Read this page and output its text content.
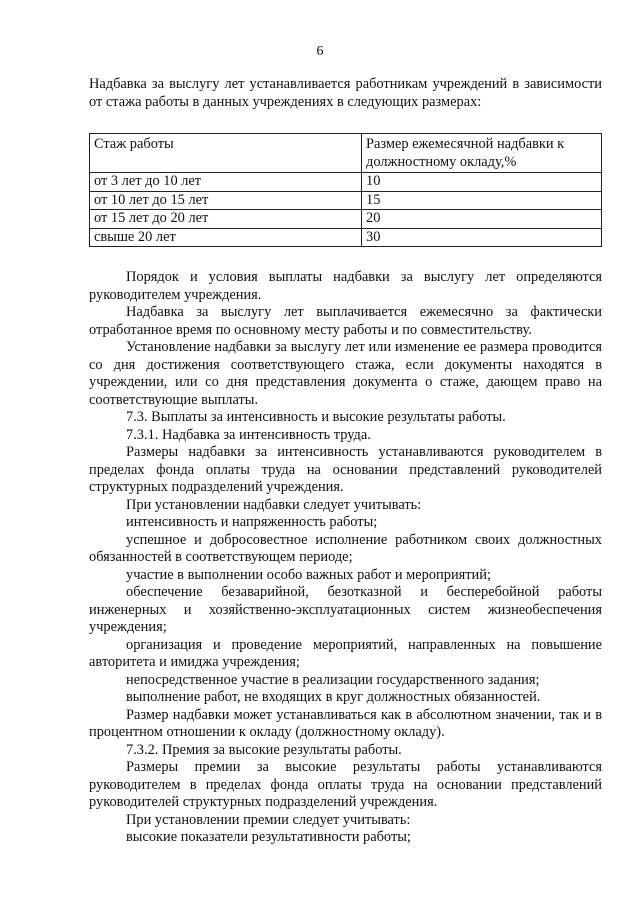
6

Надбавка за выслугу лет устанавливается работникам учреждений в зависимости от стажа работы в данных учреждениях в следующих размерах:

Стаж работы	Размер ежемесячной надбавки к должностному окладу,%
от 3 лет до 10 лет	10
от 10 лет до 15 лет	15
от 15 лет до 20 лет	20
свыше 20 лет	30

Порядок и условия выплаты надбавки за выслугу лет определяются руководителем учреждения.

Надбавка за выслугу лет выплачивается ежемесячно за фактически отработанное время по основному месту работы и по совместительству.

Установление надбавки за выслугу лет или изменение ее размера проводится со дня достижения соответствующего стажа, если документы находятся в учреждении, или со дня представления документа о стаже, дающем право на соответствующие выплаты.

7.3. Выплаты за интенсивность и высокие результаты работы.

7.3.1. Надбавка за интенсивность труда.

Размеры надбавки за интенсивность устанавливаются руководителем в пределах фонда оплаты труда на основании представлений руководителей структурных подразделений учреждения.

При установлении надбавки следует учитывать:

интенсивность и напряженность работы;

успешное и добросовестное исполнение работником своих должностных обязанностей в соответствующем периоде;

участие в выполнении особо важных работ и мероприятий;

обеспечение безаварийной, безотказной и бесперебойной работы инженерных и хозяйственно-эксплуатационных систем жизнеобеспечения учреждения;

организация и проведение мероприятий, направленных на повышение авторитета и имиджа учреждения;

непосредственное участие в реализации государственного задания;

выполнение работ, не входящих в круг должностных обязанностей.

Размер надбавки может устанавливаться как в абсолютном значении, так и в процентном отношении к окладу (должностному окладу).

7.3.2. Премия за высокие результаты работы.

Размеры премии за высокие результаты работы устанавливаются руководителем в пределах фонда оплаты труда на основании представлений руководителей структурных подразделений учреждения.

При установлении премии следует учитывать:

высокие показатели результативности работы;
